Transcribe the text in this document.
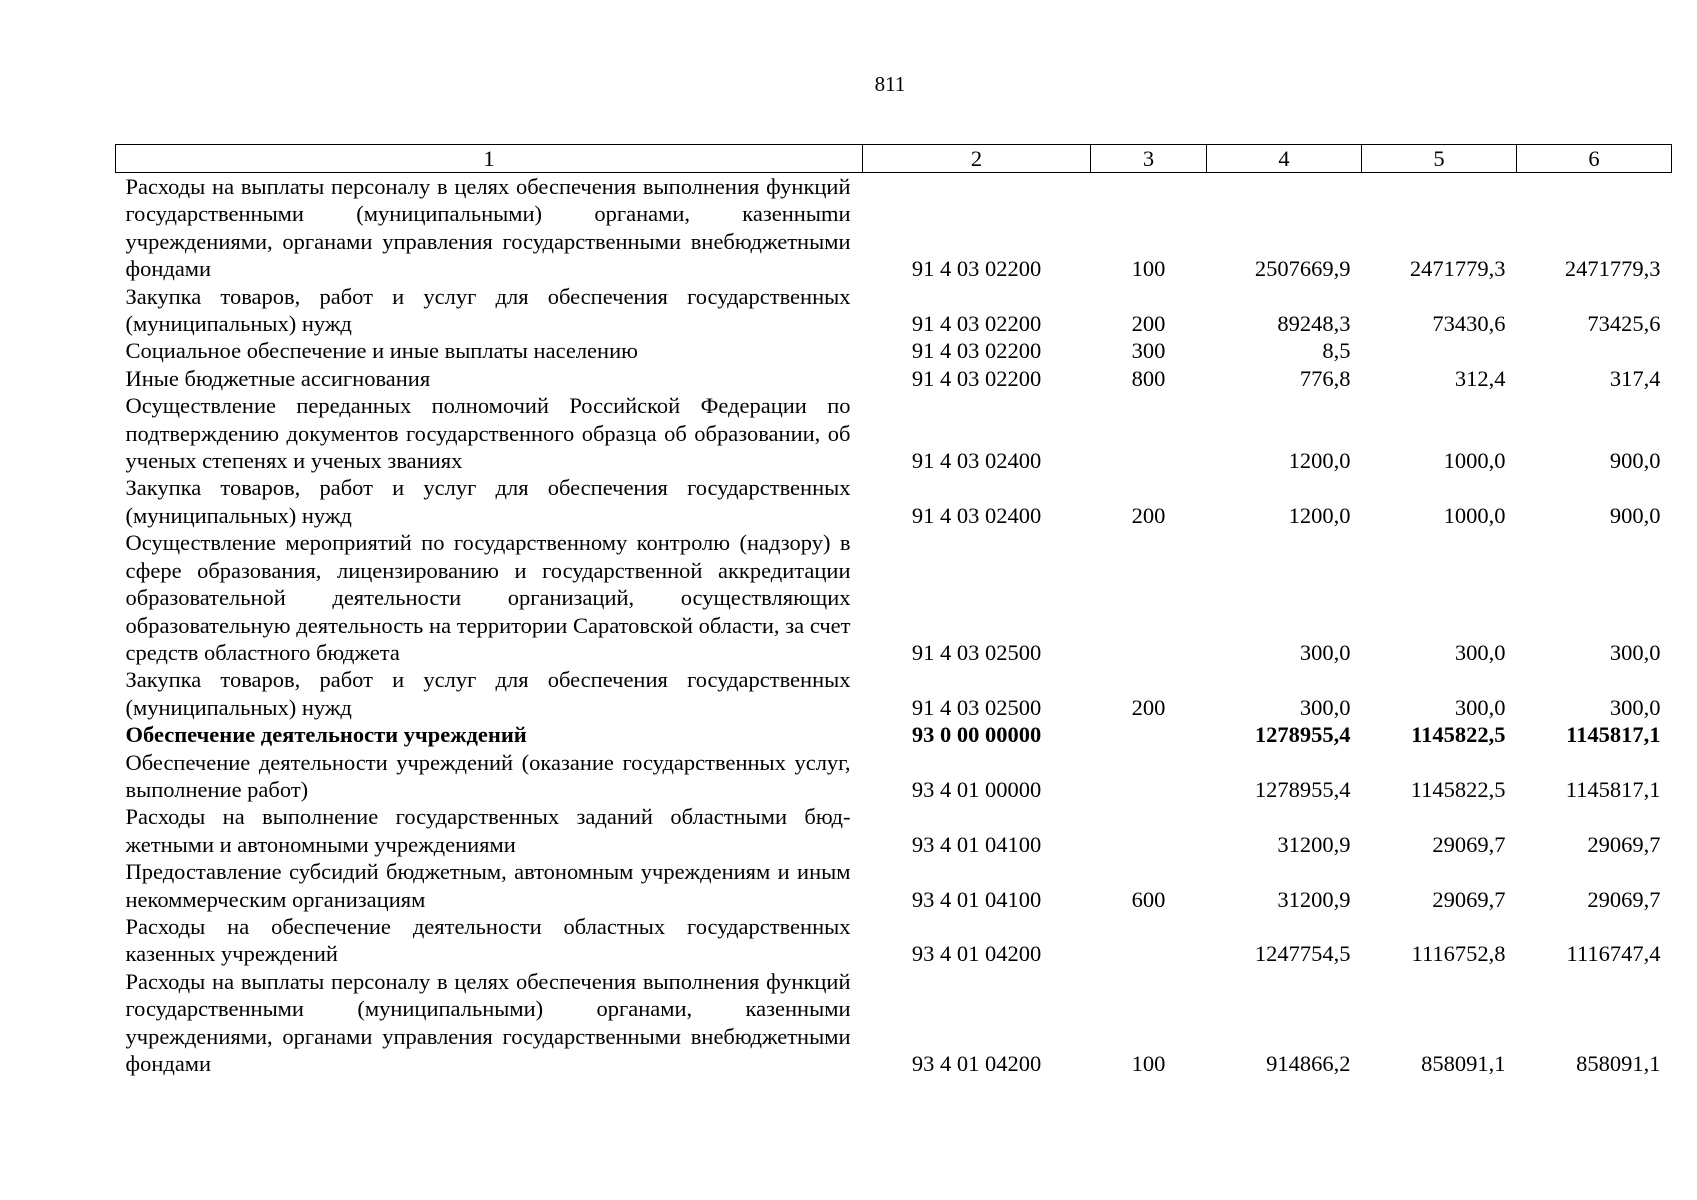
811
1	2	3	4	5	6
Расходы на выплаты персоналу в целях обеспечения выполнения функций государственными (муниципальными) органами, казенныmи учреждениями, органами управления государственными внебюджетными фондами	91 4 03 02200	100	2507669,9	2471779,3	2471779,3
Закупка товаров, работ и услуг для обеспечения государственных (муниципальных) нужд	91 4 03 02200	200	89248,3	73430,6	73425,6
Социальное обеспечение и иные выплаты населению	91 4 03 02200	300	8,5		
Иные бюджетные ассигнования	91 4 03 02200	800	776,8	312,4	317,4
Осуществление переданных полномочий Российской Федерации по подтверждению документов государственного образца об образовании, об ученых степенях и ученых званиях	91 4 03 02400		1200,0	1000,0	900,0
Закупка товаров, работ и услуг для обеспечения государственных (муниципальных) нужд	91 4 03 02400	200	1200,0	1000,0	900,0
Осуществление мероприятий по государственному контролю (надзору) в сфере образования, лицензированию и государственной аккредитации образовательной деятельности организаций, осуществляющих образовательную деятельность на территории Саратовской области, за счет средств областного бюджета	91 4 03 02500		300,0	300,0	300,0
Закупка товаров, работ и услуг для обеспечения государственных (муниципальных) нужд	91 4 03 02500	200	300,0	300,0	300,0
Обеспечение деятельности учреждений	93 0 00 00000		1278955,4	1145822,5	1145817,1
Обеспечение деятельности учреждений (оказание государственных услуг, выполнение работ)	93 4 01 00000		1278955,4	1145822,5	1145817,1
Расходы на выполнение государственных заданий областными бюджетными и автономными учреждениями	93 4 01 04100		31200,9	29069,7	29069,7
Предоставление субсидий бюджетным, автономным учреждениям и иным некоммерческим организациям	93 4 01 04100	600	31200,9	29069,7	29069,7
Расходы на обеспечение деятельности областных государственных казенных учреждений	93 4 01 04200		1247754,5	1116752,8	1116747,4
Расходы на выплаты персоналу в целях обеспечения выполнения функций государственными (муниципальными) органами, казенными учреждениями, органами управления государственными внебюджетными фондами	93 4 01 04200	100	914866,2	858091,1	858091,1
